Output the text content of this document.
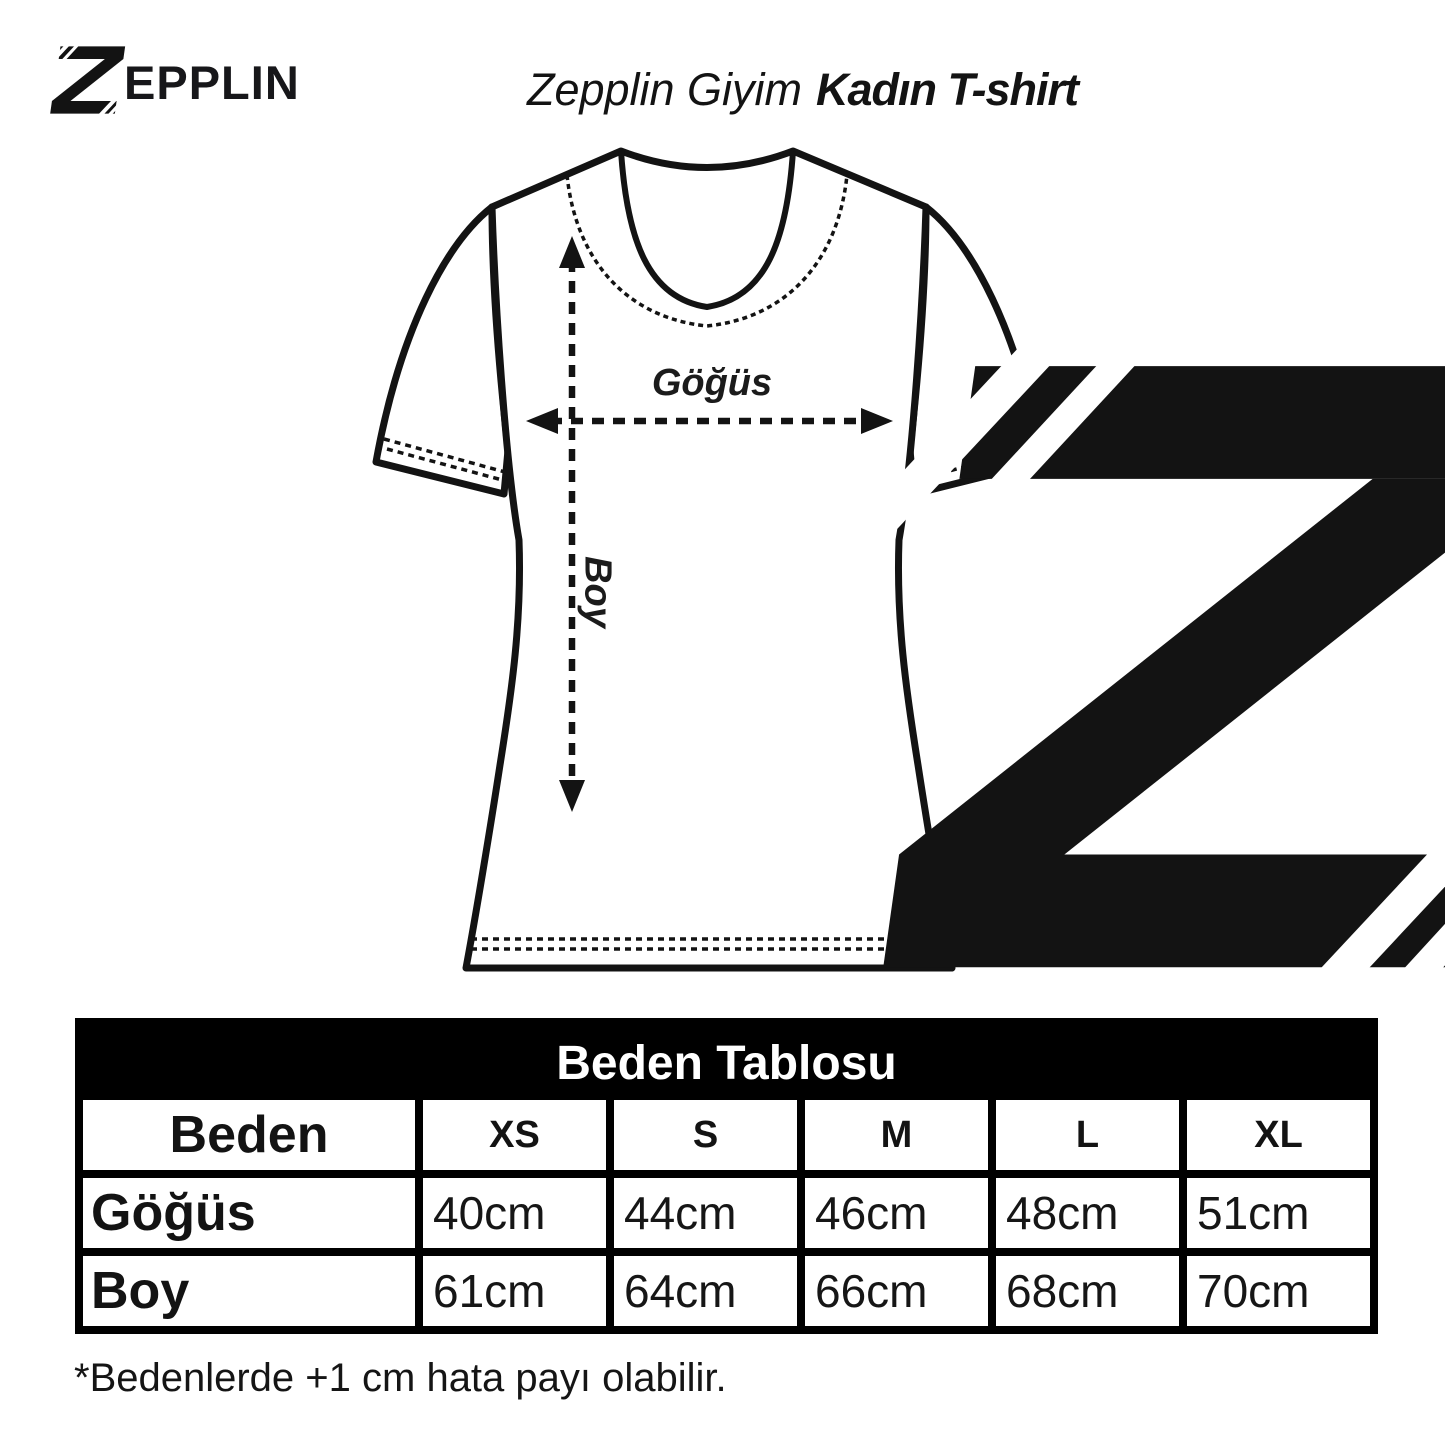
EPPLIN	Zepplin Giyim Kadın T-shirt
Göğüs
Boy
Beden Tablosu
Beden	XS	S	M	L	XL
Göğüs	40cm	44cm	46cm	48cm	51cm
Boy	61cm	64cm	66cm	68cm	70cm
*Bedenlerde +1 cm hata payı olabilir.
